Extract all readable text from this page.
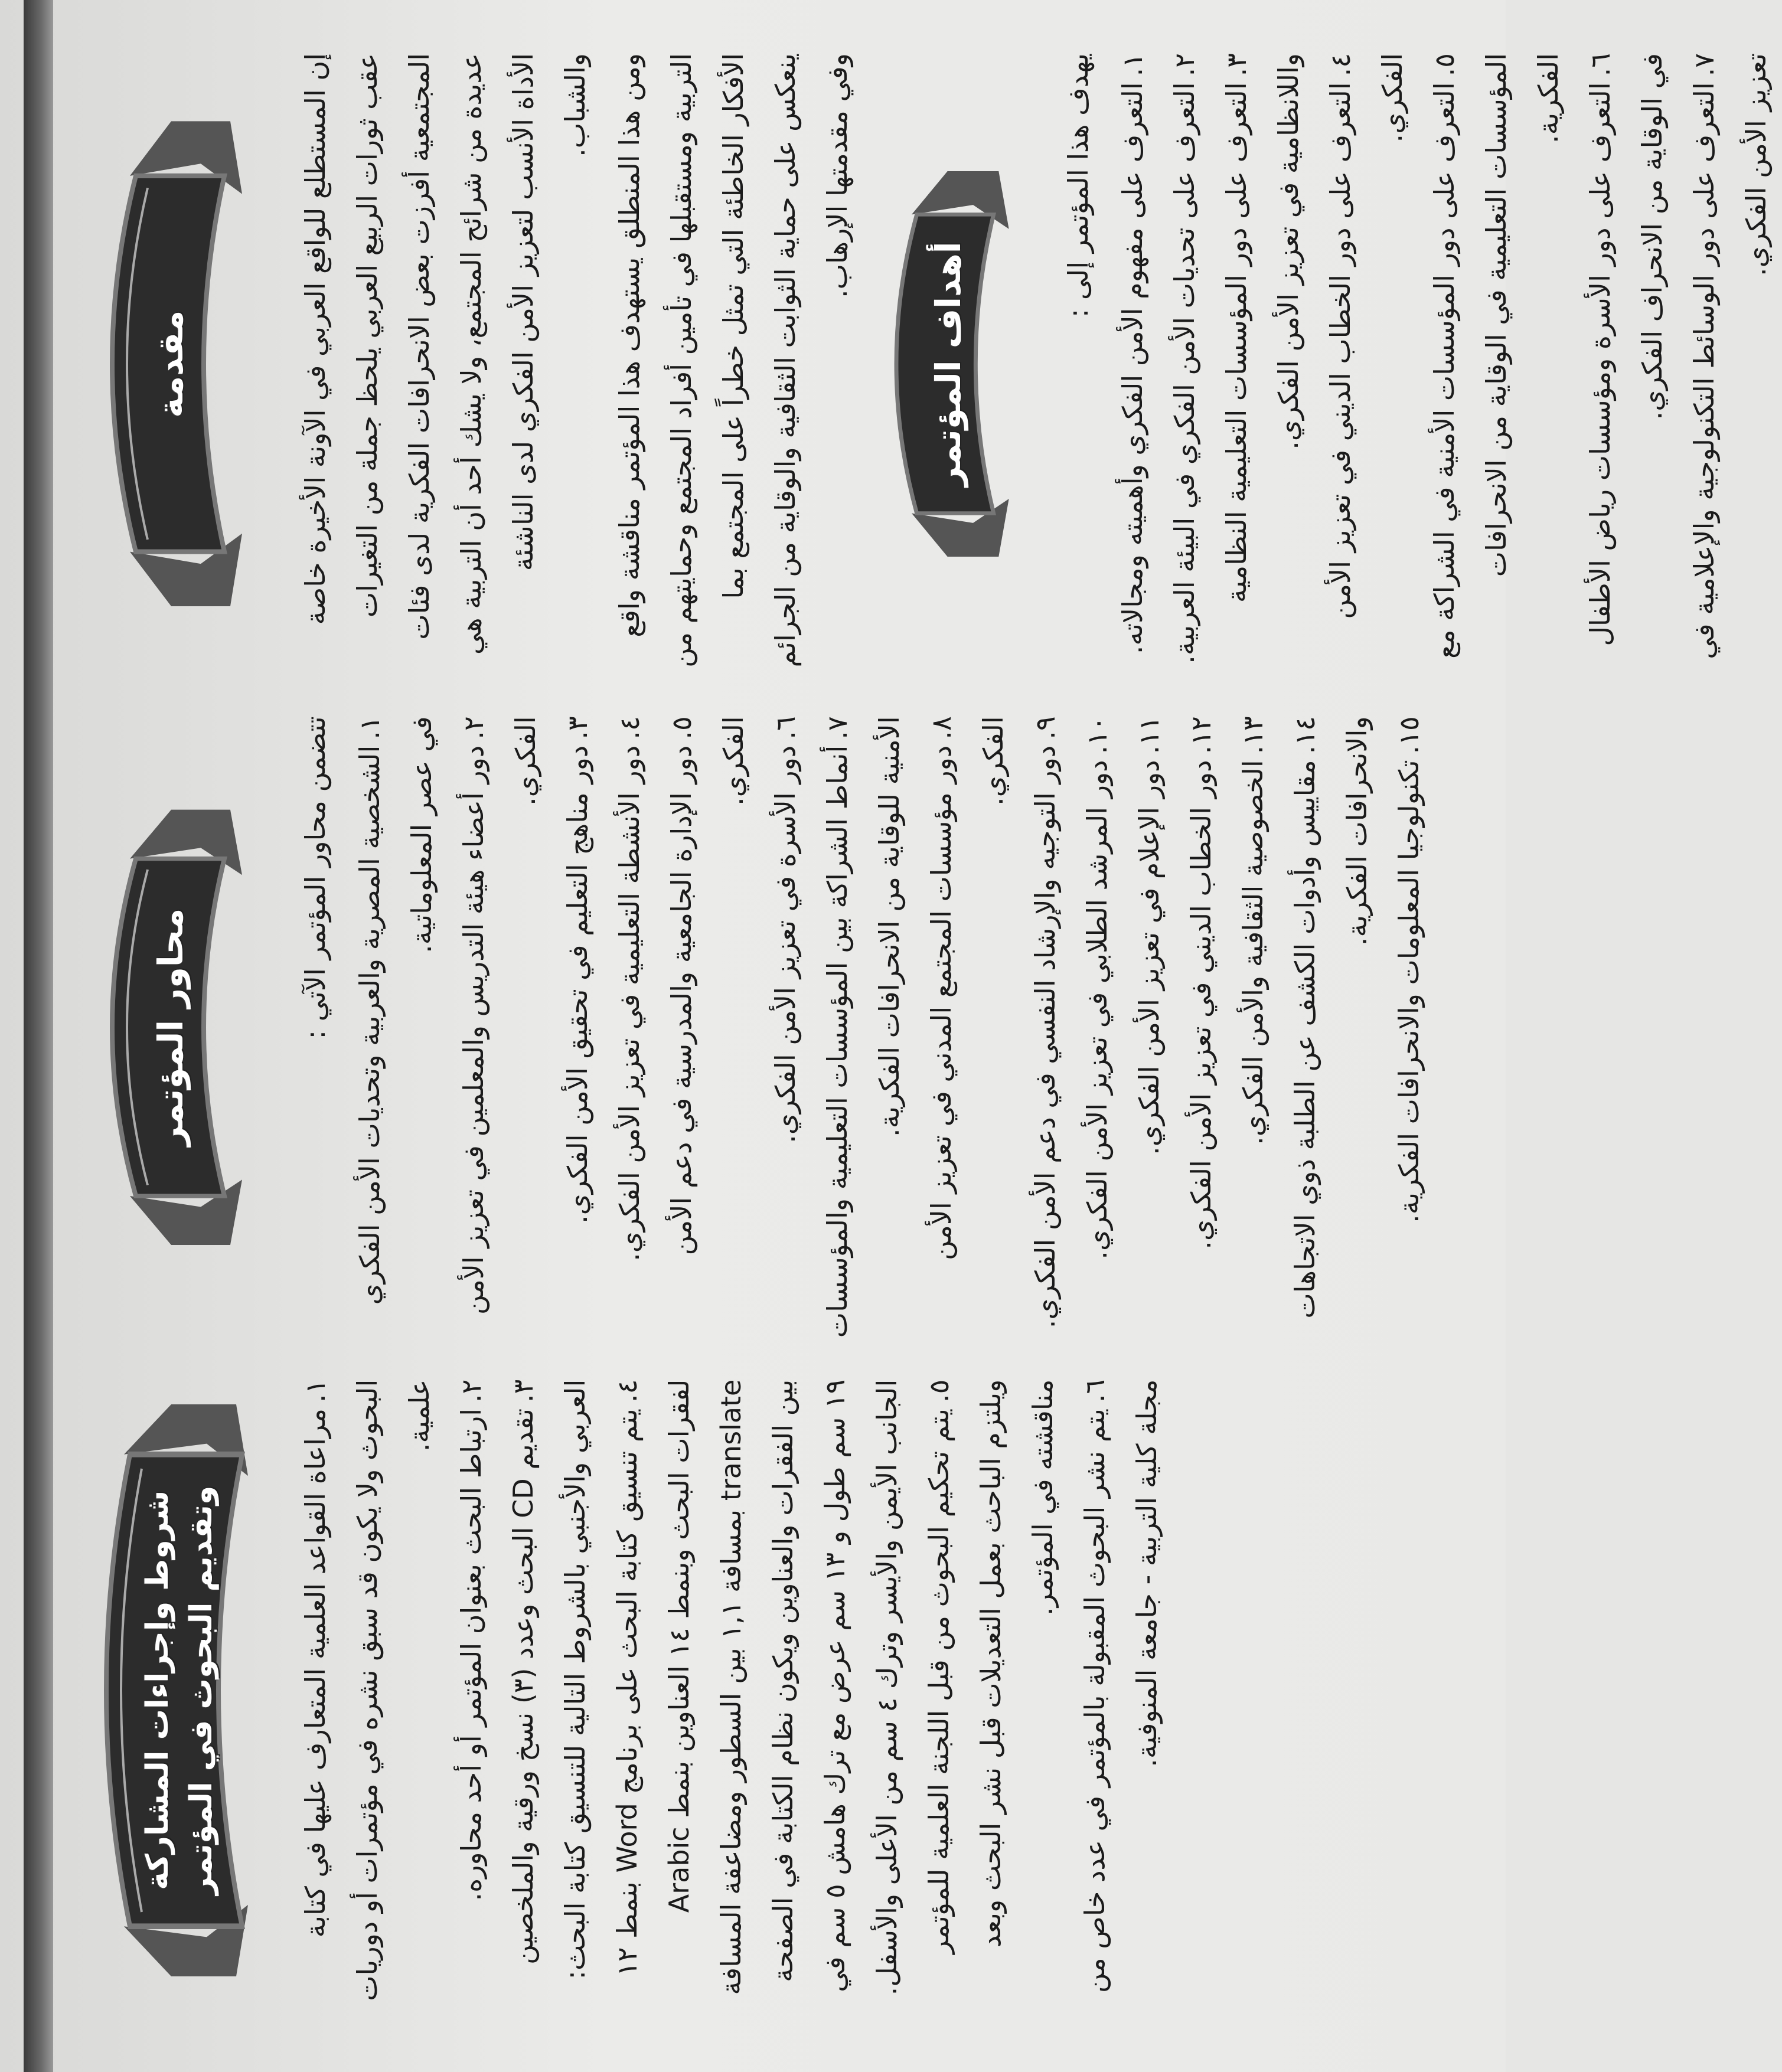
مقدمة	إن المستطلع للواقع العربي في الآونة الأخيرة خاصة عقب ثورات الربيع العربي يلحظ جملة من التغيرات المجتمعية أفرزت بعض الانحرافات الفكرية لدى فئات عديدة من شرائح المجتمع، ولا يشك أحد أن التربية هي الأداة الأنسب لتعزيز الأمن الفكري لدى الناشئة والشباب. ومن هذا المنطلق يستهدف هذا المؤتمر مناقشة واقع التربية ومستقبلها في تأمين أفراد المجتمع وحمايتهم من الأفكار الخاطئة التي تمثل خطراً على المجتمع بما ينعكس على حماية الثوابت الثقافية والوقاية من الجرائم وفي مقدمتها الإرهاب.

أهداف المؤتمر

يهدف هذا المؤتمر إلى : ١.التعرف على مفهوم الأمن الفكري وأهميته ومجالاته.

٢.التعرف على تحديات الأمن الفكري في البيئة العربية.

٣.التعرف على دور المؤسسات التعليمية النظامية واللانظامية في تعزيز الأمن الفكري. ٤.التعرف على دور الخطاب الديني في تعزيز الأمن الفكري. ٥.التعرف على دور المؤسسات الأمنية في الشراكة مع المؤسسات التعليمية في الوقاية من الانحرافات الفكرية. ٦.التعرف على دور الأسرة ومؤسسات رياض الأطفال في الوقاية من الانحراف الفكري. ٧.التعرف على دور الوسائط التكنولوجية والإعلامية في تعزيز الأمن الفكري.

محاور المؤتمر	تتضمن محاور المؤتمر الآتي : ١.الشخصية المصرية والعربية وتحديات الأمن الفكري في عصر المعلوماتية. ٢.دور أعضاء هيئة التدريس والمعلمين في تعزيز الأمن الفكري. ٣.دور مناهج التعليم في تحقيق الأمن الفكري.

٤.دور الأنشطة التعليمية في تعزيز الأمن الفكري.

٥.دور الإدارة الجامعية والمدرسية في دعم الأمن الفكري. ٦.دور الأسرة في تعزيز الأمن الفكري.

٧.أنماط الشراكة بين المؤسسات التعليمية والمؤسسات الأمنية للوقاية من الانحرافات الفكرية. ٨.دور مؤسسات المجتمع المدني في تعزيز الأمن الفكري. ٩.دور التوجيه والإرشاد النفسي في دعم الأمن الفكري. ١٠.دور المرشد الطلابي في تعزيز الأمن الفكري.

١١.دور الإعلام في تعزيز الأمن الفكري.

١٢.دور الخطاب الديني في تعزيز الأمن الفكري.

١٣.الخصوصية الثقافية والأمن الفكري.

١٤.مقاييس وأدوات الكشف عن الطلبة ذوي الاتجاهات والانحرافات الفكرية. ١٥.تكنولوجيا المعلومات والانحرافات الفكرية.

شروط وإجراءات المشاركة وتقديم البحوث في المؤتمر

١.مراعاة القواعد العلمية المتعارف عليها في كتابة البحوث ولا يكون قد سبق نشره في مؤتمرات أو دوريات علمية. ٢.ارتباط البحث بعنوان المؤتمر أو أحد محاوره.

٣.تقديم CD البحث وعدد (٣) نسخ ورقية والملخصين العربي والأجنبي بالشروط التالية للتنسيق كتابة البحث: ٤.يتم تنسيق كتابة البحث على برنامج Word بنمط ١٢ لفقرات البحث وبنمط ١٤ العناوين بنمط Arabic translate بمسافة ١,١ بين السطور ومضاعفة المسافة بين الفقرات والعناوين ويكون نظام الكتابة في الصفحة ١٩ سم طول و ١٣ سم عرض مع ترك هامش ٥ سم في الجانب الأيمن والأيسر وترك ٤ سم من الأعلى والأسفل. ٥.يتم تحكيم البحوث من قبل اللجنة العلمية للمؤتمر ويلتزم الباحث بعمل التعديلات قبل نشر البحث وبعد مناقشته في المؤتمر. ٦.يتم نشر البحوث المقبولة بالمؤتمر في عدد خاص من مجلة كلية التربية - جامعة المنوفية.
